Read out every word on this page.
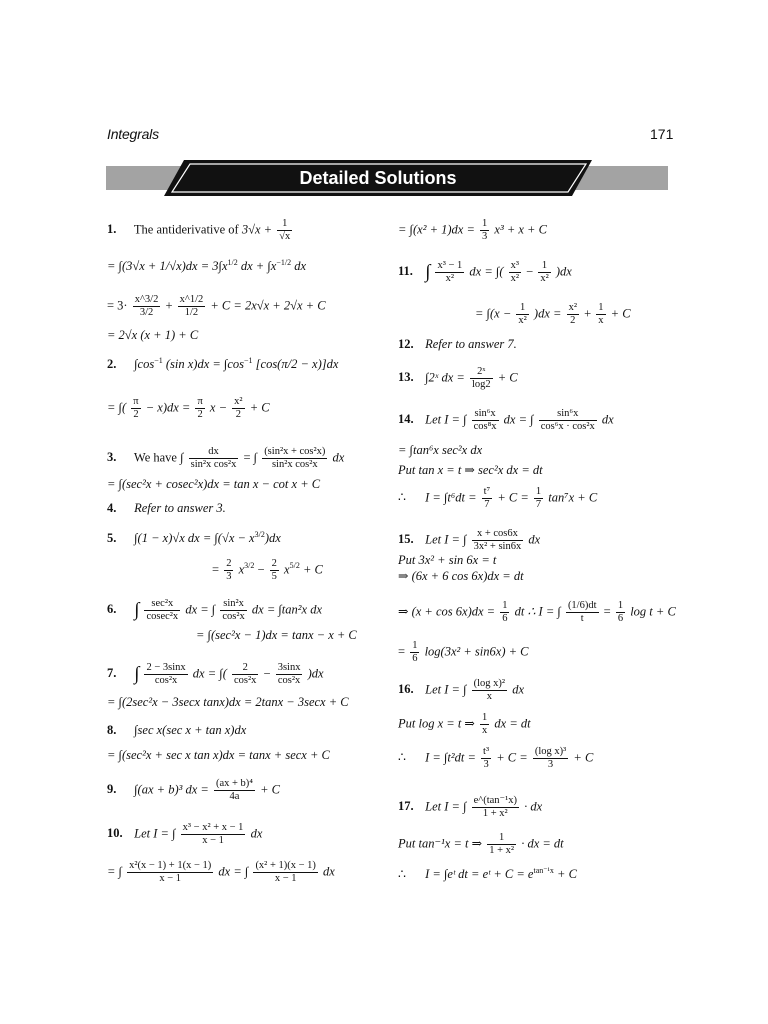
Integrals	171
Detailed Solutions
1. The antiderivative of $3√x + \frac{1}{√x}$
= $\int(3√x + 1/√x)dx = 3\int x^{1/2}$ dx + $\int x^{-1/2}$ dx
= $3\cdot \frac{x\^{}3/2}{3/2} + \frac{x\^{}1/2}{1/2} + C = 2x√x + 2√x + C$
= 2√x (x + 1) + C
2. $\int\cos^{-1}$ (sin $x)dx = \int\cos^{-1}$ [cos(π/2 − x)]dx
= ∫( $\frac{\pi}{2} - x)dx = \frac{\pi}{2}$ $x - \frac{\text{x²}}{2} + C$
3. We have ∫ $\frac{dx}{\text{sin²x cos²x}}$ = ∫ $\frac{\text{(sin²x + cos²x)}}{\text{sin²x cos²x}}$ dx
= ∫(sec²x + cosec²x)dx = tan x − cot x + C
4. Refer to answer 3.
5. ∫(1 − x)√x dx = $\int(√x - x^{3/2})dx$
= $\frac{2}{3} x^{3/2} - \frac{2}{5} x^{5/2} + C$
6. ∫ $\frac{\text{sec²x}}{\text{cosec²x}}$ dx = ∫ $\frac{\text{sin²x}}{\text{cos²x}}$ dx = ∫tan²x dx
= ∫(sec²x − 1)dx = tanx − x + C
7. ∫ $\frac{2 - 3\sin x}{\text{cos²x}}$ dx = ∫( $\frac{2}{\text{cos²x}} - \frac{3\sin x}{\text{cos²x}} )dx$
= ∫(2sec²x − 3secx tanx)dx = 2tanx − 3secx + C
8. ∫sec x(sec x + tan x)dx
= ∫(sec²x + sec x tan x)dx = tanx + secx + C
9. ∫(ax + b)³ dx = $\frac{\text{(ax + b)⁴}}{4a} + C$
10. Let I = ∫ $\frac{\text{x³ − x² + x − 1}}{x - 1}$ dx
= ∫ $\frac{\text{x²(x − 1) + 1(x − 1)}}{x - 1}$ dx = ∫ $\frac{\text{(x² + 1)(x − 1)}}{x - 1}$ dx
= $\int(x^2 + 1)dx = \frac{1}{3} x^3 + x + C$
11. ∫ $\frac{\text{x³ − 1}}{\text{x²}}$ dx = ∫( $\frac{\text{x³}}{\text{x²}} - \frac{1}{\text{x²}} )dx$
= $\int(x - \frac{1}{\text{x²}} )dx = \frac{\text{x²}}{2} + \frac{1}{x} + C$
12. Refer to answer 7.
13. ∫2ˣ dx = $\frac{\text{2ˣ}}{\log 2} + C$
14. Let I = ∫ $\frac{\text{sin⁶x}}{\text{cos⁸x}}$ dx = ∫ $\frac{\text{sin⁶x}}{\text{cos⁶x · cos²x}}$ dx
= ∫tan⁶x sec²x dx
Put tan x = t ⇒ sec²x dx = dt
∴ $I = \int t^6dt = \frac{\text{t⁷}}{7} + C = \frac{1}{7} \tan^7x + C$
15. Let I = ∫ $\frac{x + \cos 6x}{\text{3x² + sin6x}}$ dx
Put 3x² + sin 6x = t
⇒ (6x + 6 cos 6x)dx = dt
⇒ $(x + \cos 6x)dx = \frac{1}{6}$ dt ∴ I = ∫ $\frac{(1/6)dt}{t} = \frac{1}{6}$ log t + C
= $\frac{1}{6} \log(3x^2 + \sin 6x) + C$
16. Let I = ∫ $\frac{\text{(log x)²}}{x}$ dx
Put log x = t ⇒ $\frac{1}{x}$ dx = dt
∴ $I = \int t^2dt = \frac{\text{t³}}{3} + C = \frac{\text{(log x)³}}{3} + C$
17. Let I = ∫ $\frac{\text{e\textasciicircum{}(tan⁻¹x)}}{\text{1 + x²}}$ · dx
Put tan⁻¹x = t ⇒ $\frac{1}{\text{1 + x²}}$ · dx = dt
∴ I = ∫eᵗ dt = eᵗ + $C = e^{tan^{-1}x} + C$
